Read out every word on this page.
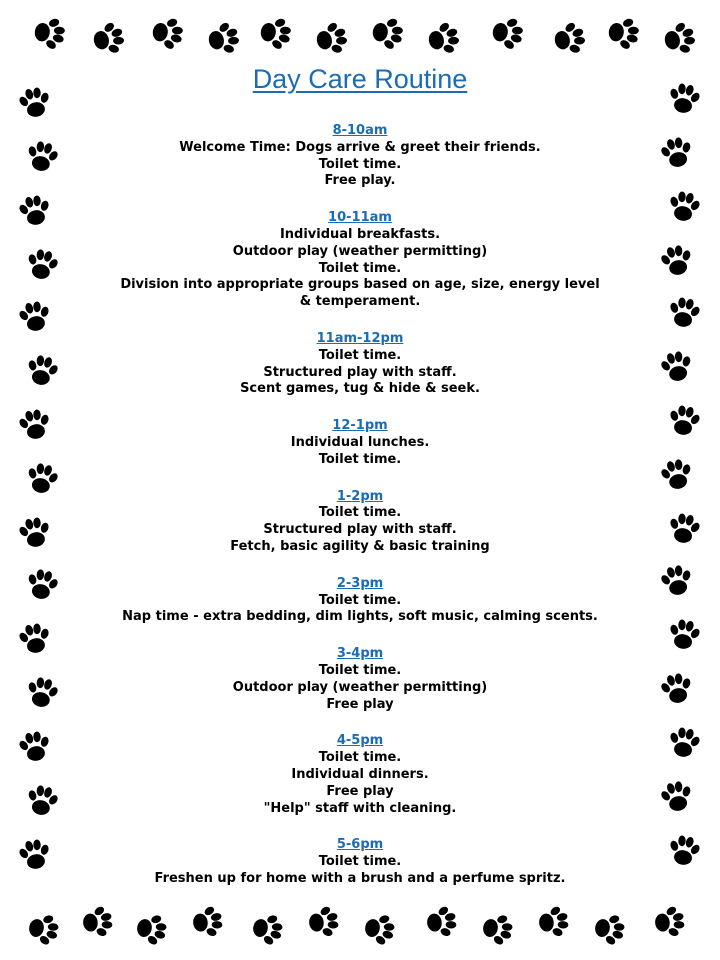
Day Care Routine
8-10am
Welcome Time: Dogs arrive & greet their friends.
Toilet time.
Free play.
10-11am
Individual breakfasts.
Outdoor play (weather permitting)
Toilet time.
Division into appropriate groups based on age, size, energy level
& temperament.
11am-12pm
Toilet time.
Structured play with staff.
Scent games, tug & hide & seek.
12-1pm
Individual lunches.
Toilet time.
1-2pm
Toilet time.
Structured play with staff.
Fetch, basic agility & basic training
2-3pm
Toilet time.
Nap time - extra bedding, dim lights, soft music, calming scents.
3-4pm
Toilet time.
Outdoor play (weather permitting)
Free play
4-5pm
Toilet time.
Individual dinners.
Free play
"Help" staff with cleaning.
5-6pm
Toilet time.
Freshen up for home with a brush and a perfume spritz.
